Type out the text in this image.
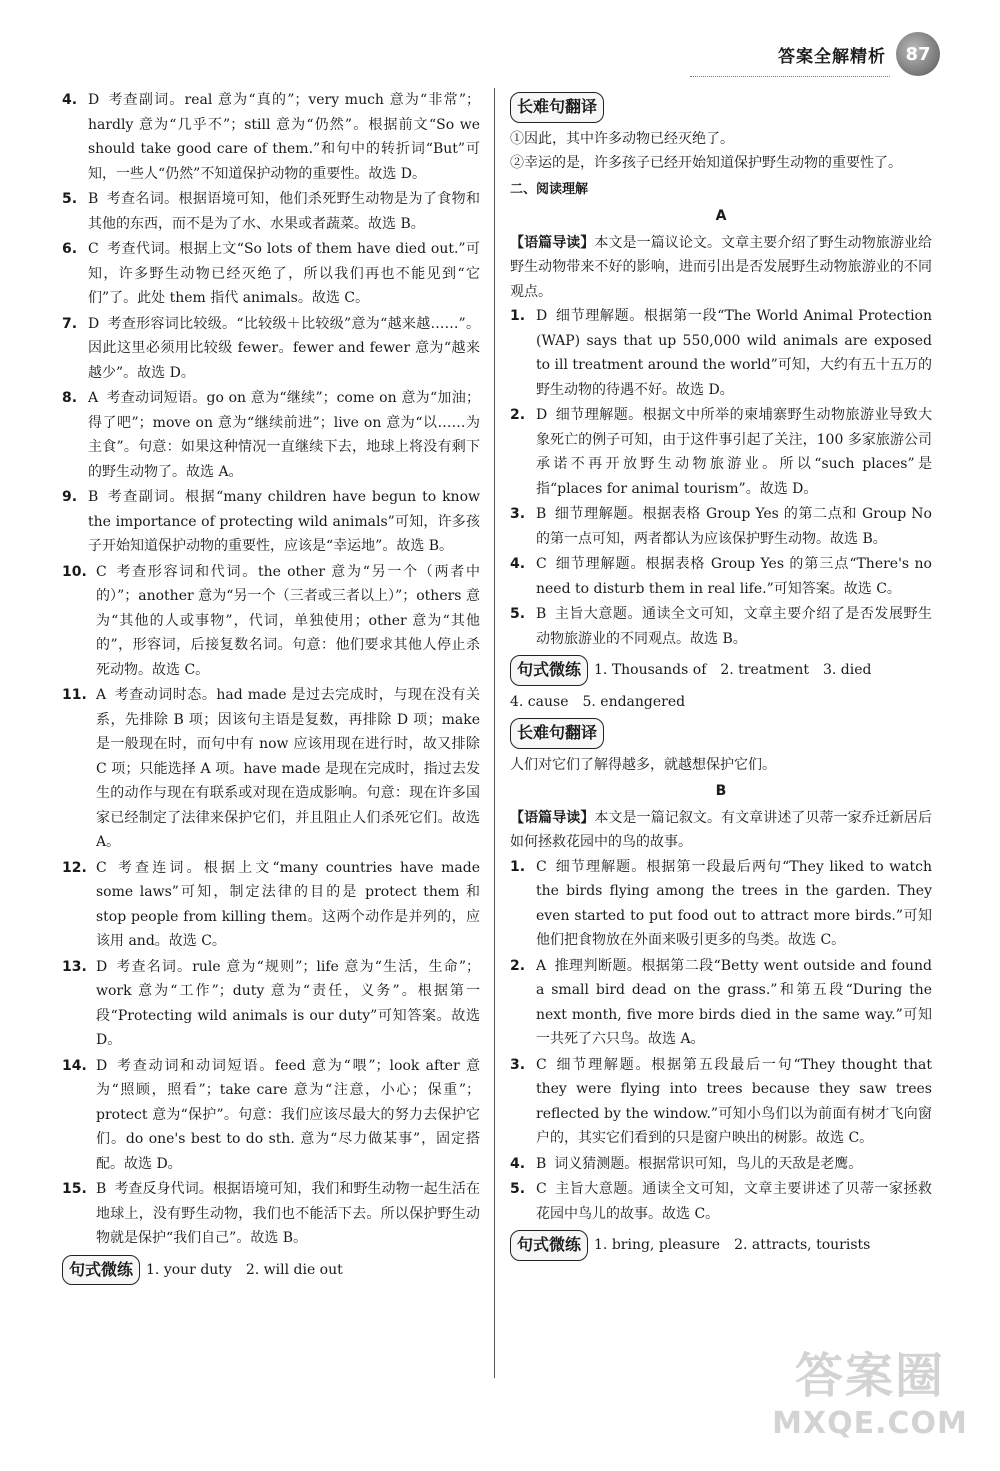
答案全解精析	87
4. D 考查副词。real 意为“真的”；very much 意为“非常”；hardly 意为“几乎不”；still 意为“仍然”。根据前文“So we should take good care of them.”和句中的转折词“But”可知，一些人“仍然”不知道保护动物的重要性。故选 D。
5. B 考查名词。根据语境可知，他们杀死野生动物是为了食物和其他的东西，而不是为了水、水果或者蔬菜。故选 B。
6. C 考查代词。根据上文“So lots of them have died out.”可知，许多野生动物已经灭绝了，所以我们再也不能见到“它们”了。此处 them 指代 animals。故选 C。
7. D 考查形容词比较级。“比较级＋比较级”意为“越来越……”。因此这里必须用比较级 fewer。fewer and fewer 意为“越来越少”。故选 D。
8. A 考查动词短语。go on 意为“继续”；come on 意为“加油；得了吧”；move on 意为“继续前进”；live on 意为“以……为主食”。句意：如果这种情况一直继续下去，地球上将没有剩下的野生动物了。故选 A。
9. B 考查副词。根据“many children have begun to know the importance of protecting wild animals”可知，许多孩子开始知道保护动物的重要性，应该是“幸运地”。故选 B。
10. C 考查形容词和代词。the other 意为“另一个（两者中的）”；another 意为“另一个（三者或三者以上）”；others 意为“其他的人或事物”，代词，单独使用；other 意为“其他的”，形容词，后接复数名词。句意：他们要求其他人停止杀死动物。故选 C。
11. A 考查动词时态。had made 是过去完成时，与现在没有关系，先排除 B 项；因该句主语是复数，再排除 D 项；make 是一般现在时，而句中有 now 应该用现在进行时，故又排除 C 项；只能选择 A 项。have made 是现在完成时，指过去发生的动作与现在有联系或对现在造成影响。句意：现在许多国家已经制定了法律来保护它们，并且阻止人们杀死它们。故选 A。
12. C 考查连词。根据上文“many countries have made some laws”可知，制定法律的目的是 protect them 和 stop people from killing them。这两个动作是并列的，应该用 and。故选 C。
13. D 考查名词。rule 意为“规则”；life 意为“生活，生命”；work 意为“工作”；duty 意为“责任，义务”。根据第一段“Protecting wild animals is our duty”可知答案。故选 D。
14. D 考查动词和动词短语。feed 意为“喂”；look after 意为“照顾，照看”；take care 意为“注意，小心；保重”；protect 意为“保护”。句意：我们应该尽最大的努力去保护它们。do one's best to do sth. 意为“尽力做某事”，固定搭配。故选 D。
15. B 考查反身代词。根据语境可知，我们和野生动物一起生活在地球上，没有野生动物，我们也不能活下去。所以保护野生动物就是保护“我们自己”。故选 B。
句式微练 1. your duty　2. will die out
长难句翻译
①因此，其中许多动物已经灭绝了。
②幸运的是，许多孩子已经开始知道保护野生动物的重要性了。
二、阅读理解
A
【语篇导读】本文是一篇议论文。文章主要介绍了野生动物旅游业给野生动物带来不好的影响，进而引出是否发展野生动物旅游业的不同观点。
1. D 细节理解题。根据第一段“The World Animal Protection (WAP) says that up 550,000 wild animals are exposed to ill treatment around the world”可知，大约有五十五万的野生动物的待遇不好。故选 D。
2. D 细节理解题。根据文中所举的柬埔寨野生动物旅游业导致大象死亡的例子可知，由于这件事引起了关注，100 多家旅游公司承诺不再开放野生动物旅游业。所以“such places”是指“places for animal tourism”。故选 D。
3. B 细节理解题。根据表格 Group Yes 的第二点和 Group No 的第一点可知，两者都认为应该保护野生动物。故选 B。
4. C 细节理解题。根据表格 Group Yes 的第三点“There's no need to disturb them in real life.”可知答案。故选 C。
5. B 主旨大意题。通读全文可知，文章主要介绍了是否发展野生动物旅游业的不同观点。故选 B。
句式微练 1. Thousands of　2. treatment　3. died
4. cause　5. endangered
长难句翻译
人们对它们了解得越多，就越想保护它们。
B
【语篇导读】本文是一篇记叙文。有文章讲述了贝蒂一家乔迁新居后如何拯救花园中的鸟的故事。
1. C 细节理解题。根据第一段最后两句“They liked to watch the birds flying among the trees in the garden. They even started to put food out to attract more birds.”可知他们把食物放在外面来吸引更多的鸟类。故选 C。
2. A 推理判断题。根据第二段“Betty went outside and found a small bird dead on the grass.”和第五段“During the next month, five more birds died in the same way.”可知一共死了六只鸟。故选 A。
3. C 细节理解题。根据第五段最后一句“They thought that they were flying into trees because they saw trees reflected by the window.”可知小鸟们以为前面有树才飞向窗户的，其实它们看到的只是窗户映出的树影。故选 C。
4. B 词义猜测题。根据常识可知，鸟儿的天敌是老鹰。
5. C 主旨大意题。通读全文可知，文章主要讲述了贝蒂一家拯救花园中鸟儿的故事。故选 C。
句式微练 1. bring, pleasure　2. attracts, tourists
答案圈
MXQE.COM
